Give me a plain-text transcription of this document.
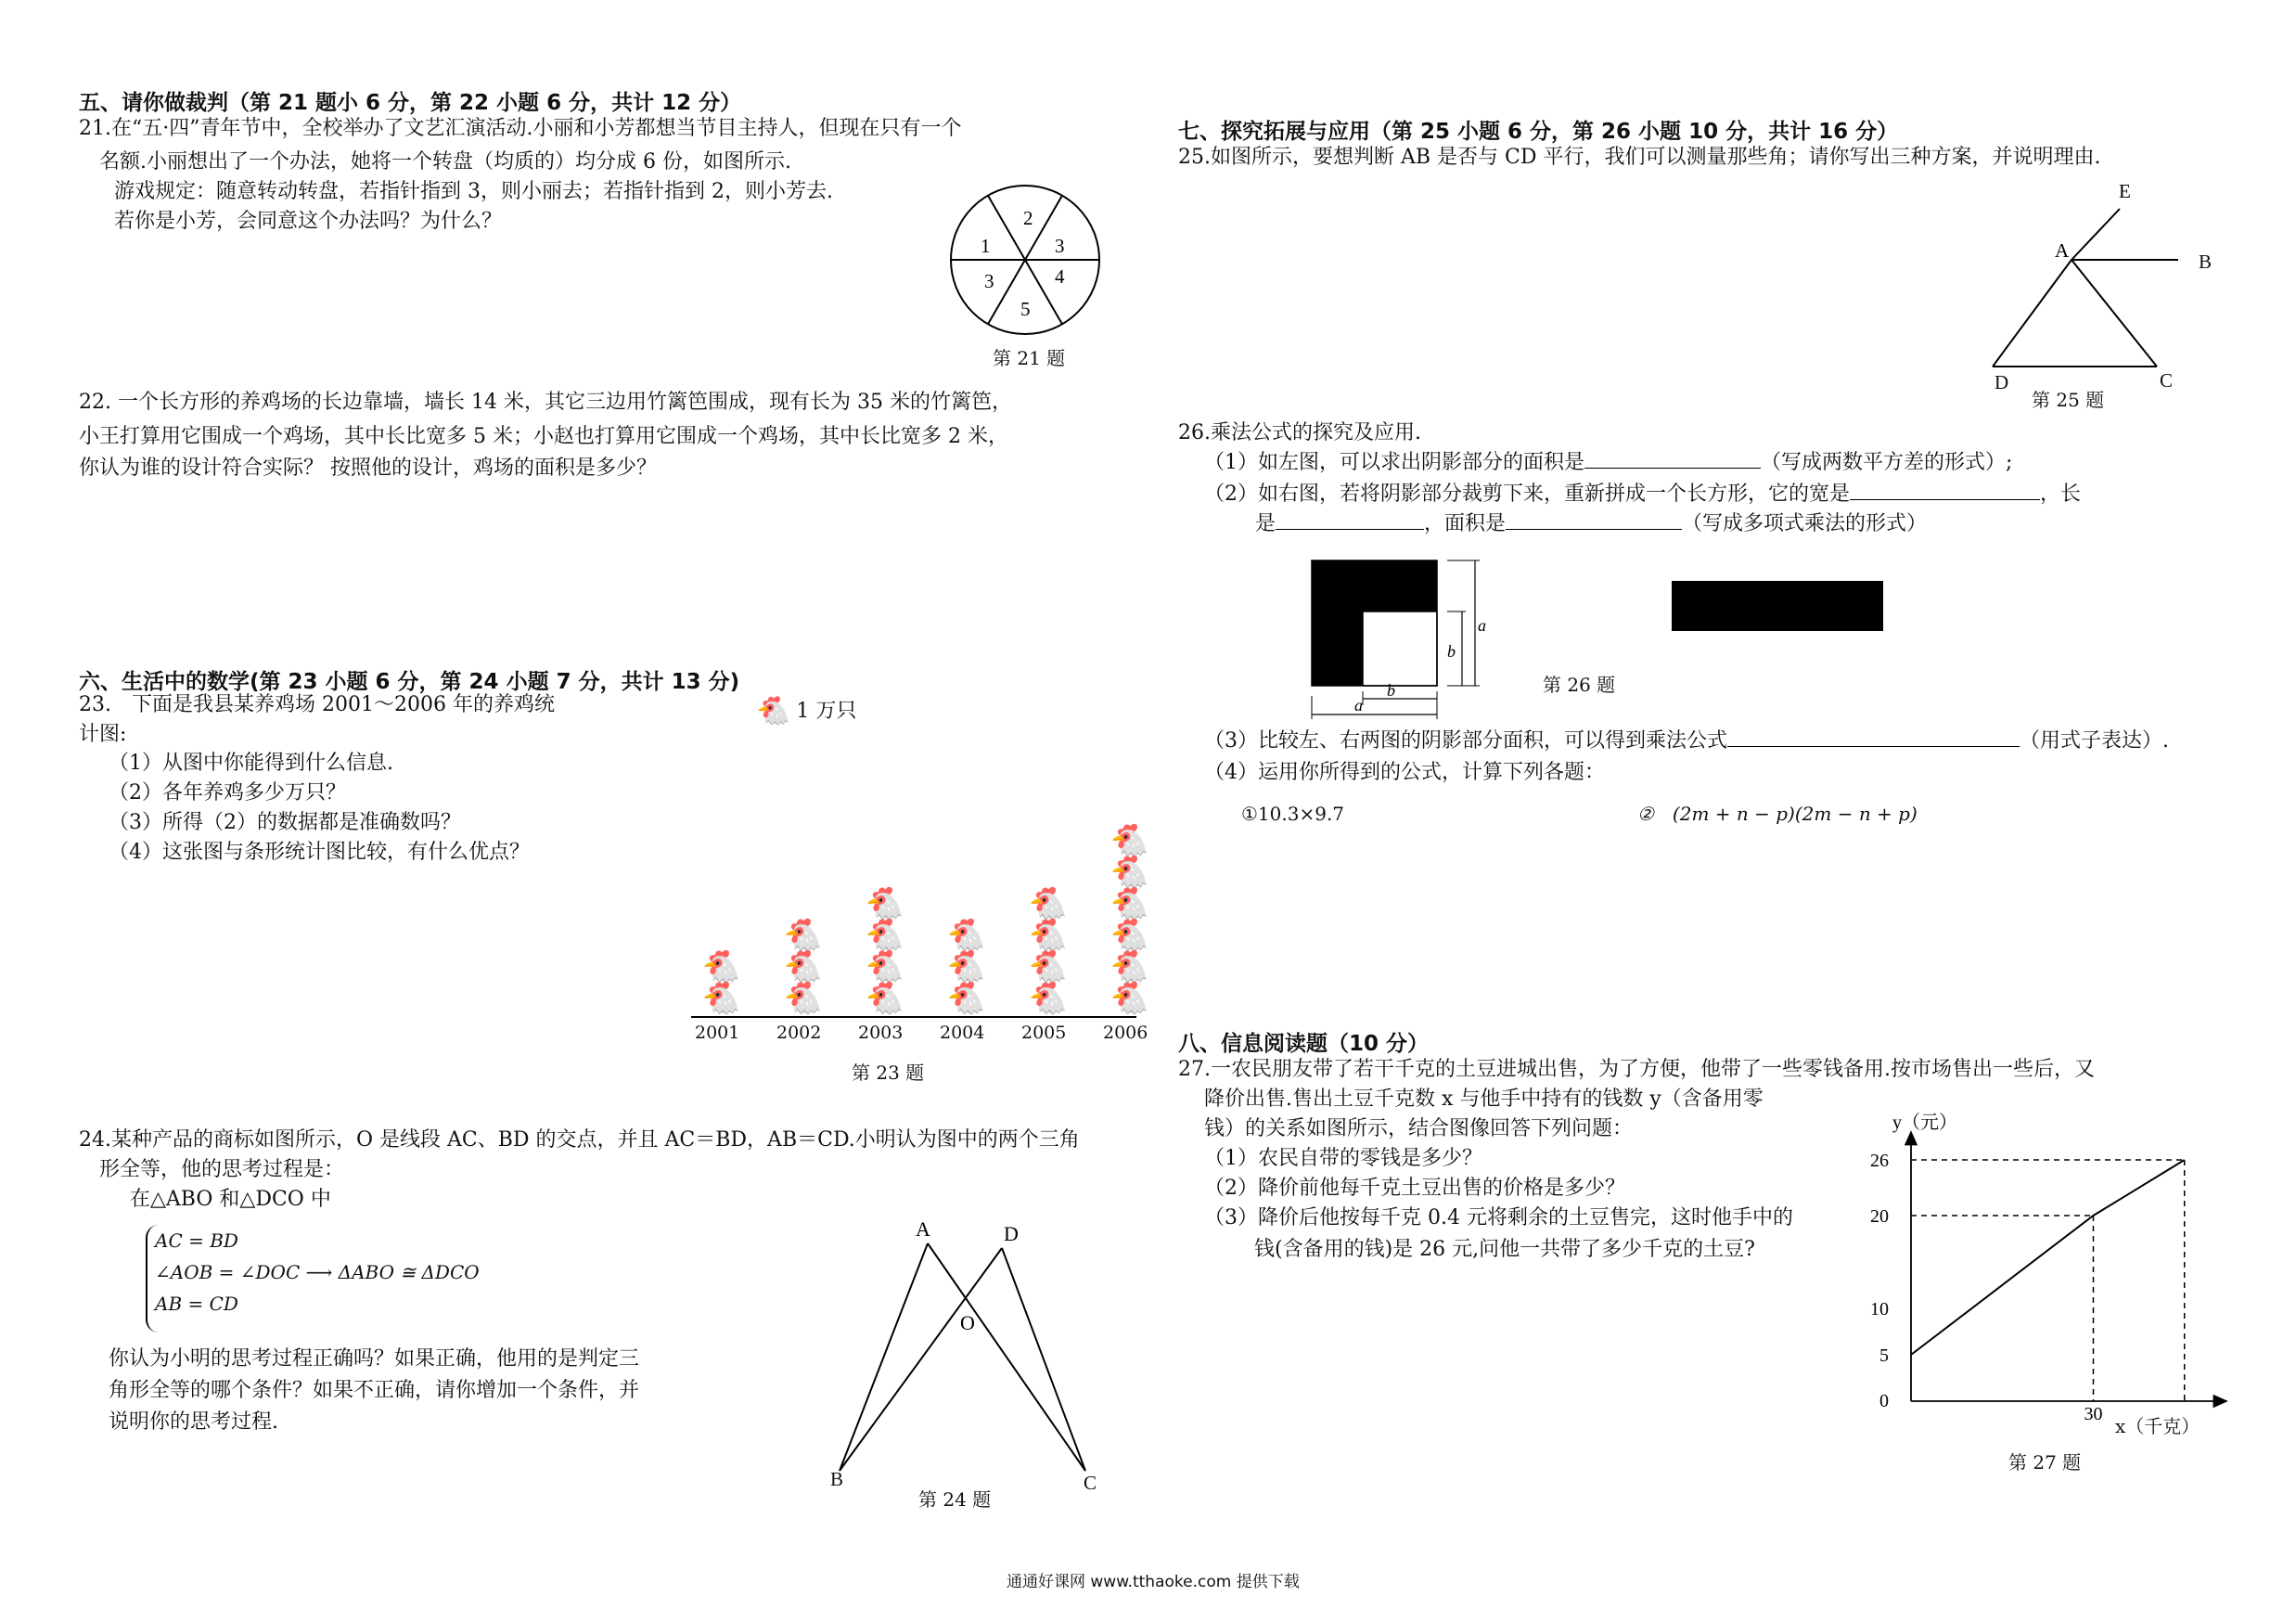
五、请你做裁判（第 21 题小 6 分，第 22 小题 6 分，共计 12 分）
21.在“五·四”青年节中，全校举办了文艺汇演活动.小丽和小芳都想当节目主持人，但现在只有一个
名额.小丽想出了一个办法，她将一个转盘（均质的）均分成 6 份，如图所示.
游戏规定：随意转动转盘，若指针指到 3，则小丽去；若指针指到 2，则小芳去.
若你是小芳，会同意这个办法吗？为什么？	2
3
4
5
3
1
第 21 题
22. 一个长方形的养鸡场的长边靠墙，墙长 14 米，其它三边用竹篱笆围成，现有长为 35 米的竹篱笆，
小王打算用它围成一个鸡场，其中长比宽多 5 米；小赵也打算用它围成一个鸡场，其中长比宽多 2 米，
你认为谁的设计符合实际？ 按照他的设计，鸡场的面积是多少？
六、生活中的数学(第 23 小题 6 分，第 24 小题 7 分，共计 13 分)
23.　下面是我县某养鸡场 2001～2006 年的养鸡统
计图:
（1）从图中你能得到什么信息.
（2）各年养鸡多少万只？
（3）所得（2）的数据都是准确数吗？
（4）这张图与条形统计图比较，有什么优点？
🐔 1 万只
🐔
🐔
🐔
🐔
🐔
🐔
🐔
🐔
🐔
🐔
🐔
🐔
🐔
🐔
🐔
🐔
🐔
🐔
🐔
🐔
🐔
🐔
2001 2002 2003 2004 2005 2006
第 23 题
24.某种产品的商标如图所示，O 是线段 AC、BD 的交点，并且 AC＝BD，AB＝CD.小明认为图中的两个三角
形全等，他的思考过程是：
在△ABO 和△DCO 中
AC = BD
∠AOB = ∠DOC ⟶ ΔABO ≅ ΔDCO
AB = CD
你认为小明的思考过程正确吗？如果正确，他用的是判定三
角形全等的哪个条件？如果不正确，请你增加一个条件，并
说明你的思考过程.
A	D
O
B	C
第 24 题
七、探究拓展与应用（第 25 小题 6 分，第 26 小题 10 分，共计 16 分）
25.如图所示，要想判断 AB 是否与 CD 平行，我们可以测量那些角；请你写出三种方案，并说明理由.
E
A	B
D	C
第 25 题
26.乘法公式的探究及应用.
（1）如左图，可以求出阴影部分的面积是	（写成两数平方差的形式）;
（2）如右图，若将阴影部分裁剪下来，重新拼成一个长方形，它的宽是	，长
是	，面积是	（写成多项式乘法的形式）
b
a
a
b
第 26 题
（3）比较左、右两图的阴影部分面积，可以得到乘法公式	（用式子表达）.
（4）运用你所得到的公式，计算下列各题：
①10.3×9.7	②　(2m + n − p)(2m − n + p)
八、信息阅读题（10 分）
27.一农民朋友带了若干千克的土豆进城出售，为了方便，他带了一些零钱备用.按市场售出一些后，又
降价出售.售出土豆千克数 x 与他手中持有的钱数 y（含备用零
钱）的关系如图所示，结合图像回答下列问题：
（1）农民自带的零钱是多少？
（2）降价前他每千克土豆出售的价格是多少？
（3）降价后他按每千克 0.4 元将剩余的土豆售完，这时他手中的
钱(含备用的钱)是 26 元,问他一共带了多少千克的土豆?
y（元）
26
20
10
5
0
30
x（千克）
第 27 题
通通好课网 www.tthaoke.com 提供下载
